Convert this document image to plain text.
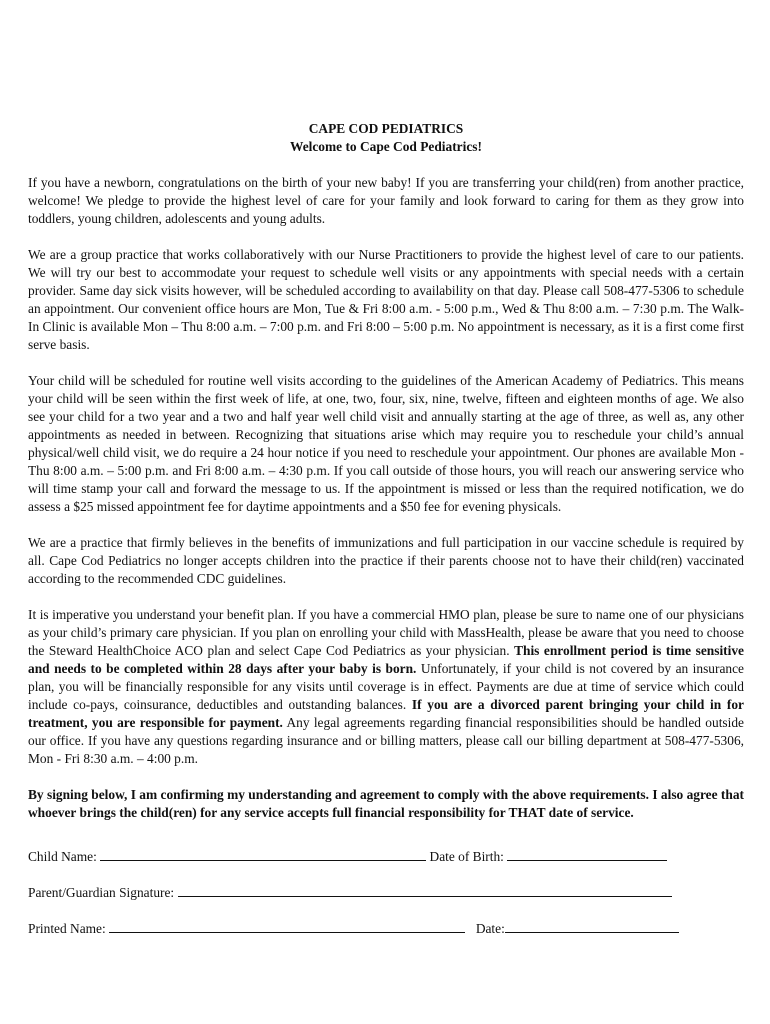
CAPE COD PEDIATRICS
Welcome to Cape Cod Pediatrics!

If you have a newborn, congratulations on the birth of your new baby! If you are transferring your child(ren) from another practice, welcome! We pledge to provide the highest level of care for your family and look forward to caring for them as they grow into toddlers, young children, adolescents and young adults.

We are a group practice that works collaboratively with our Nurse Practitioners to provide the highest level of care to our patients. We will try our best to accommodate your request to schedule well visits or any appointments with special needs with a certain provider. Same day sick visits however, will be scheduled according to availability on that day. Please call 508-477-5306 to schedule an appointment. Our convenient office hours are Mon, Tue & Fri 8:00 a.m. - 5:00 p.m., Wed & Thu 8:00 a.m. – 7:30 p.m. The Walk-In Clinic is available Mon – Thu 8:00 a.m. – 7:00 p.m. and Fri 8:00 – 5:00 p.m. No appointment is necessary, as it is a first come first serve basis.

Your child will be scheduled for routine well visits according to the guidelines of the American Academy of Pediatrics. This means your child will be seen within the first week of life, at one, two, four, six, nine, twelve, fifteen and eighteen months of age. We also see your child for a two year and a two and half year well child visit and annually starting at the age of three, as well as, any other appointments as needed in between. Recognizing that situations arise which may require you to reschedule your child’s annual physical/well child visit, we do require a 24 hour notice if you need to reschedule your appointment. Our phones are available Mon - Thu 8:00 a.m. – 5:00 p.m. and Fri 8:00 a.m. – 4:30 p.m. If you call outside of those hours, you will reach our answering service who will time stamp your call and forward the message to us. If the appointment is missed or less than the required notification, we do assess a $25 missed appointment fee for daytime appointments and a $50 fee for evening physicals.

We are a practice that firmly believes in the benefits of immunizations and full participation in our vaccine schedule is required by all. Cape Cod Pediatrics no longer accepts children into the practice if their parents choose not to have their child(ren) vaccinated according to the recommended CDC guidelines.

It is imperative you understand your benefit plan. If you have a commercial HMO plan, please be sure to name one of our physicians as your child’s primary care physician. If you plan on enrolling your child with MassHealth, please be aware that you need to choose the Steward HealthChoice ACO plan and select Cape Cod Pediatrics as your physician. This enrollment period is time sensitive and needs to be completed within 28 days after your baby is born. Unfortunately, if your child is not covered by an insurance plan, you will be financially responsible for any visits until coverage is in effect. Payments are due at time of service which could include co-pays, coinsurance, deductibles and outstanding balances. If you are a divorced parent bringing your child in for treatment, you are responsible for payment. Any legal agreements regarding financial responsibilities should be handled outside our office. If you have any questions regarding insurance and or billing matters, please call our billing department at 508-477-5306, Mon - Fri 8:30 a.m. – 4:00 p.m.

By signing below, I am confirming my understanding and agreement to comply with the above requirements. I also agree that whoever brings the child(ren) for any service accepts full financial responsibility for THAT date of service.

Child Name:	Date of Birth:
Parent/Guardian Signature:
Printed Name:	Date:
